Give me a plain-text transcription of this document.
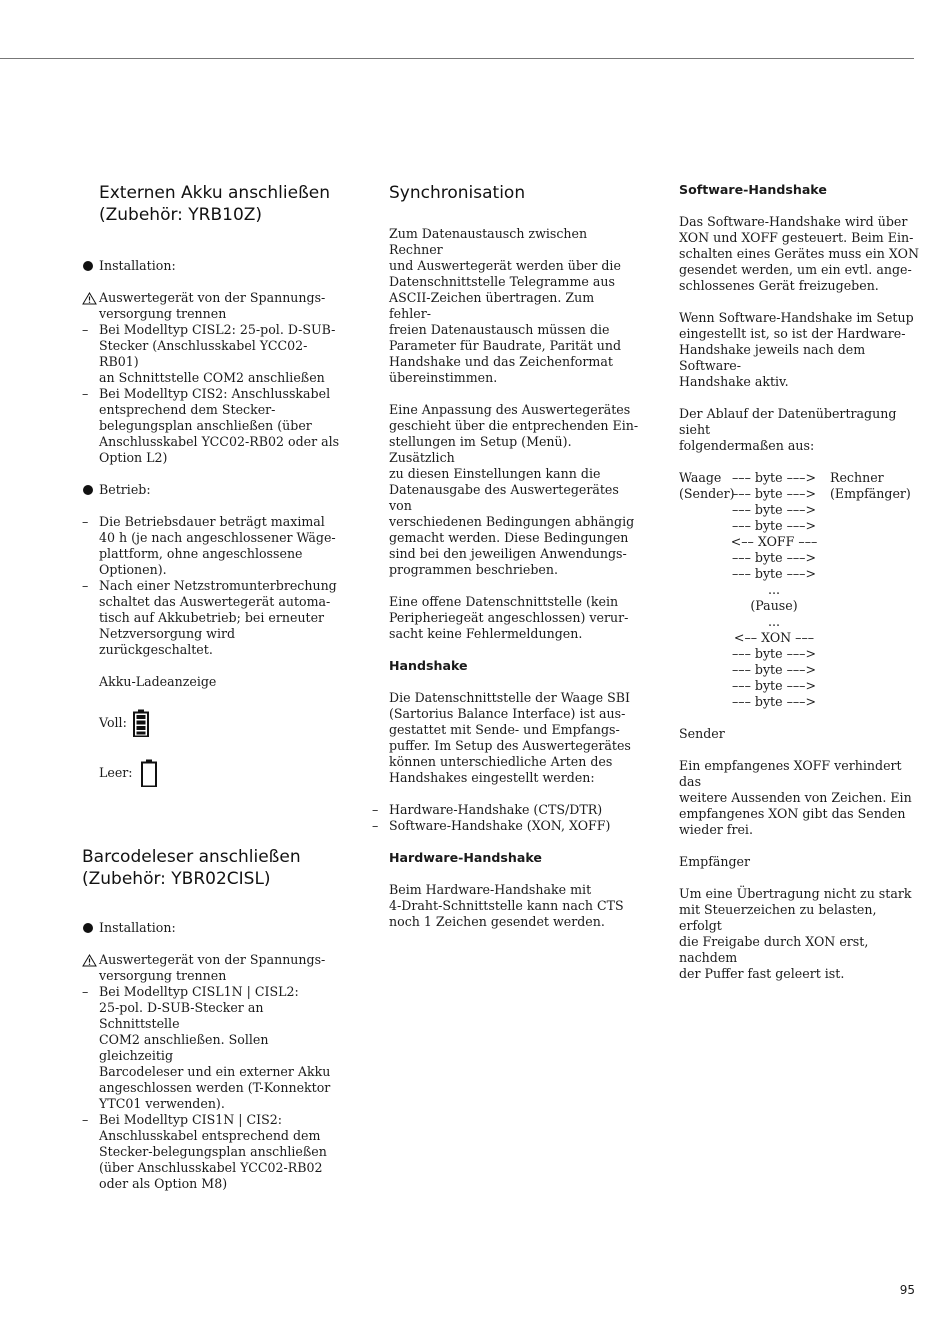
Externen Akku anschließen

(Zubehör: YRB10Z)

Installation:
Auswertegerät von der Spannungs-
versorgung trennen
– Bei Modelltyp CISL2: 25-pol. D-SUB-
Stecker (Anschlusskabel YCC02-RB01)
an Schnittstelle COM2 anschließen
– Bei Modelltyp CIS2: Anschlusskabel
entsprechend dem Stecker-
belegungsplan anschließen (über
Anschlusskabel YCC02-RB02 oder als
Option L2)
Betrieb:
– Die Betriebsdauer beträgt maximal
40 h (je nach angeschlossener Wäge-
plattform, ohne angeschlossene
Optionen).
– Nach einer Netzstromunterbrechung
schaltet das Auswertegerät automa-
tisch auf Akkubetrieb; bei erneuter
Netzversorgung wird zurückgeschaltet.

Akku-Ladeanzeige

Voll:
Leer:

Barcodeleser anschließen

(Zubehör: YBR02CISL)

Installation:
Auswertegerät von der Spannungs-
versorgung trennen
– Bei Modelltyp CISL1N | CISL2:
25-pol. D-SUB-Stecker an Schnittstelle
COM2 anschließen. Sollen gleichzeitig
Barcodeleser und ein externer Akku
angeschlossen werden (T-Konnektor
YTC01 verwenden).
– Bei Modelltyp CIS1N | CIS2:
Anschlusskabel entsprechend dem
Stecker-belegungsplan anschließen
(über Anschlusskabel YCC02-RB02
oder als Option M8)

Synchronisation

Zum Datenaustausch zwischen Rechner
und Auswertegerät werden über die
Datenschnittstelle Telegramme aus
ASCII-Zeichen übertragen. Zum fehler-
freien Datenaustausch müssen die
Parameter für Baudrate, Parität und
Handshake und das Zeichenformat
übereinstimmen.
Eine Anpassung des Auswertegerätes
geschieht über die entprechenden Ein-
stellungen im Setup (Menü). Zusätzlich
zu diesen Einstellungen kann die
Datenausgabe des Auswertegerätes von
verschiedenen Bedingungen abhängig
gemacht werden. Diese Bedingungen
sind bei den jeweiligen Anwendungs-
programmen beschrieben.
Eine offene Datenschnittstelle (kein
Peripheriegeät angeschlossen) verur-
sacht keine Fehlermeldungen.

Handshake

Die Datenschnittstelle der Waage SBI
(Sartorius Balance Interface) ist aus-
gestattet mit Sende- und Empfangs-
puffer. Im Setup des Auswertegerätes
können unterschiedliche Arten des
Handshakes eingestellt werden:
– Hardware-Handshake (CTS/DTR)
– Software-Handshake (XON, XOFF)

Hardware-Handshake

Beim Hardware-Handshake mit
4-Draht-Schnittstelle kann nach CTS
noch 1 Zeichen gesendet werden.

Software-Handshake

Das Software-Handshake wird über
XON und XOFF gesteuert. Beim Ein-
schalten eines Gerätes muss ein XON
gesendet werden, um ein evtl. ange-
schlossenes Gerät freizugeben.
Wenn Software-Handshake im Setup
eingestellt ist, so ist der Hardware-
Handshake jeweils nach dem Software-
Handshake aktiv.
Der Ablauf der Datenübertragung sieht
folgendermaßen aus:
Waage
(Sender)
Rechner
(Empfänger)
––– byte –––>
––– byte –––>
––– byte –––>
––– byte –––>
<–– XOFF –––
––– byte –––>
––– byte –––>
...
(Pause)
...
<–– XON –––
––– byte –––>
––– byte –––>
––– byte –––>
––– byte –––>

Sender

Ein empfangenes XOFF verhindert das
weitere Aussenden von Zeichen. Ein
empfangenes XON gibt das Senden
wieder frei.

Empfänger

Um eine Übertragung nicht zu stark
mit Steuerzeichen zu belasten, erfolgt
die Freigabe durch XON erst, nachdem
der Puffer fast geleert ist.
95
